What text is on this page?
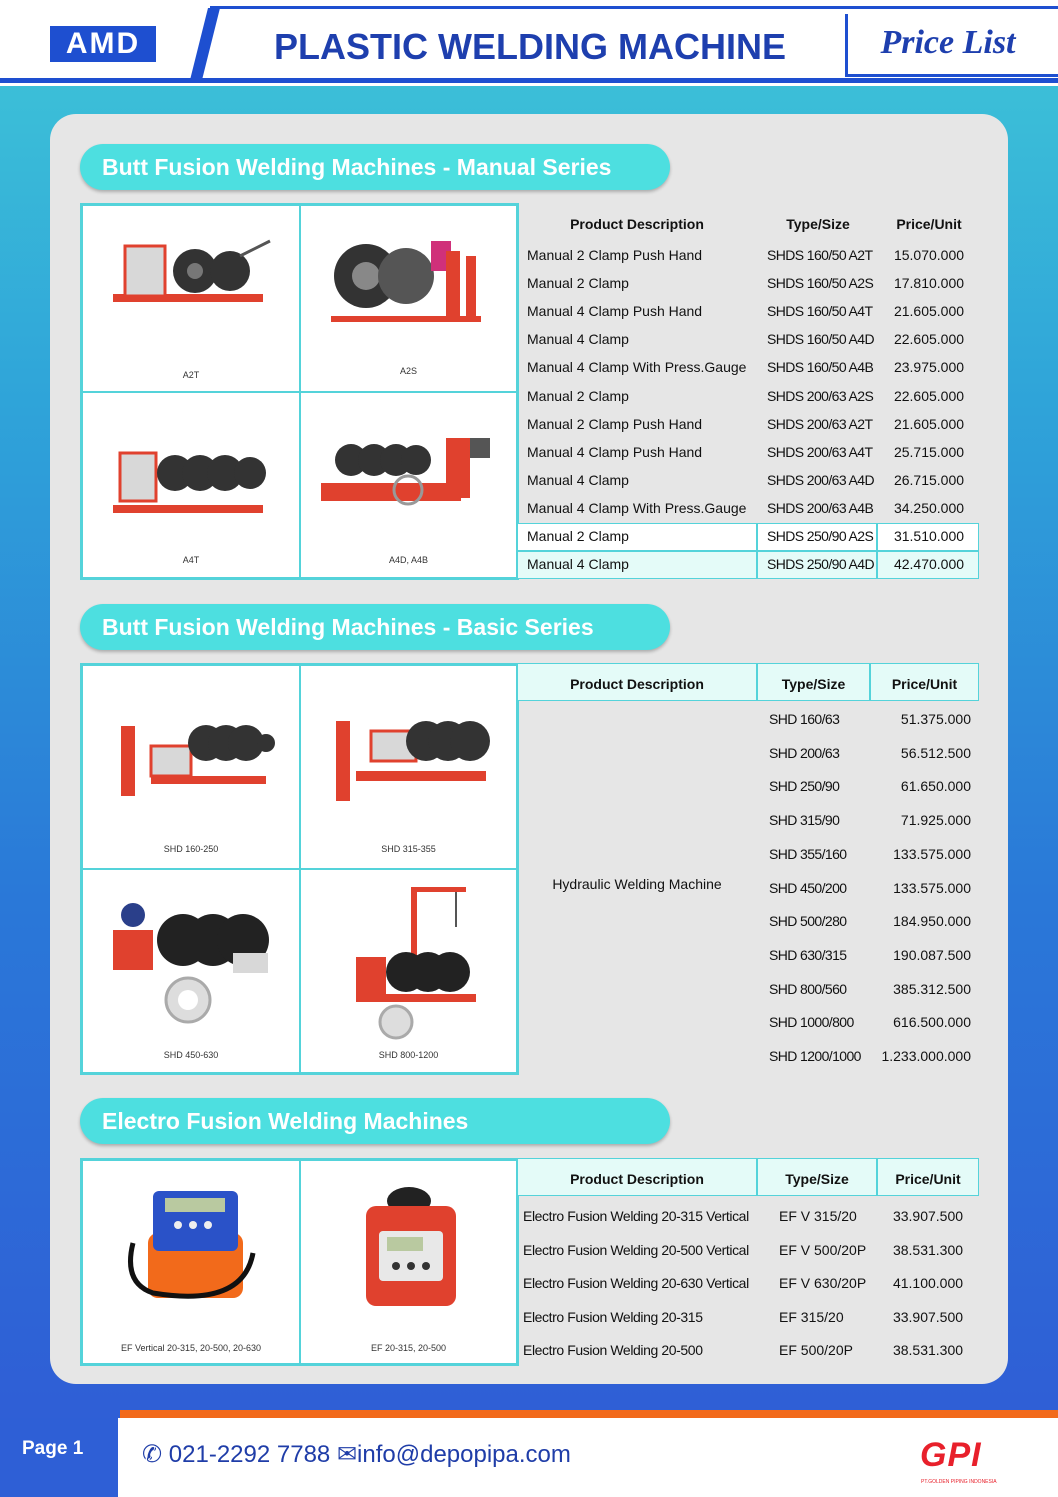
AMD	PLASTIC WELDING MACHINE	Price List
Butt Fusion Welding Machines - Manual Series
A2T	A2S
A4T	A4D, A4B
Product Description	Type/Size	Price/Unit
Manual 2 Clamp Push Hand	SHDS 160/50 A2T	15.070.000
Manual 2 Clamp	SHDS 160/50 A2S	17.810.000
Manual 4 Clamp Push Hand	SHDS 160/50 A4T	21.605.000
Manual 4 Clamp	SHDS 160/50 A4D	22.605.000
Manual 4 Clamp With Press.Gauge	SHDS 160/50 A4B	23.975.000
Manual 2 Clamp	SHDS 200/63 A2S	22.605.000
Manual 2 Clamp Push Hand	SHDS 200/63 A2T	21.605.000
Manual 4 Clamp Push Hand	SHDS 200/63 A4T	25.715.000
Manual 4 Clamp	SHDS 200/63 A4D	26.715.000
Manual 4 Clamp With Press.Gauge	SHDS 200/63 A4B	34.250.000
Manual 2 Clamp	SHDS 250/90 A2S	31.510.000
Manual 4 Clamp	SHDS 250/90 A4D	42.470.000
Butt Fusion Welding Machines - Basic Series
SHD 160-250	SHD 315-355
SHD 450-630	SHD 800-1200
Product Description	Type/Size	Price/Unit
Hydraulic Welding Machine
SHD 160/63	51.375.000
SHD 200/63	56.512.500
SHD 250/90	61.650.000
SHD 315/90	71.925.000
SHD 355/160	133.575.000
SHD 450/200	133.575.000
SHD 500/280	184.950.000
SHD 630/315	190.087.500
SHD 800/560	385.312.500
SHD 1000/800	616.500.000
SHD 1200/1000	1.233.000.000
Electro Fusion Welding Machines
EF Vertical 20-315, 20-500, 20-630	EF 20-315, 20-500
Product Description	Type/Size	Price/Unit
Electro Fusion Welding 20-315 Vertical	EF V 315/20	33.907.500
Electro Fusion Welding 20-500 Vertical	EF V 500/20P	38.531.300
Electro Fusion Welding 20-630 Vertical	EF V 630/20P	41.100.000
Electro Fusion Welding 20-315	EF 315/20	33.907.500
Electro Fusion Welding 20-500	EF 500/20P	38.531.300
Page 1 ✆ 021-2292 7788 ✉info@depopipa.com	GPI
PT.GOLDEN PIPING INDONESIA
